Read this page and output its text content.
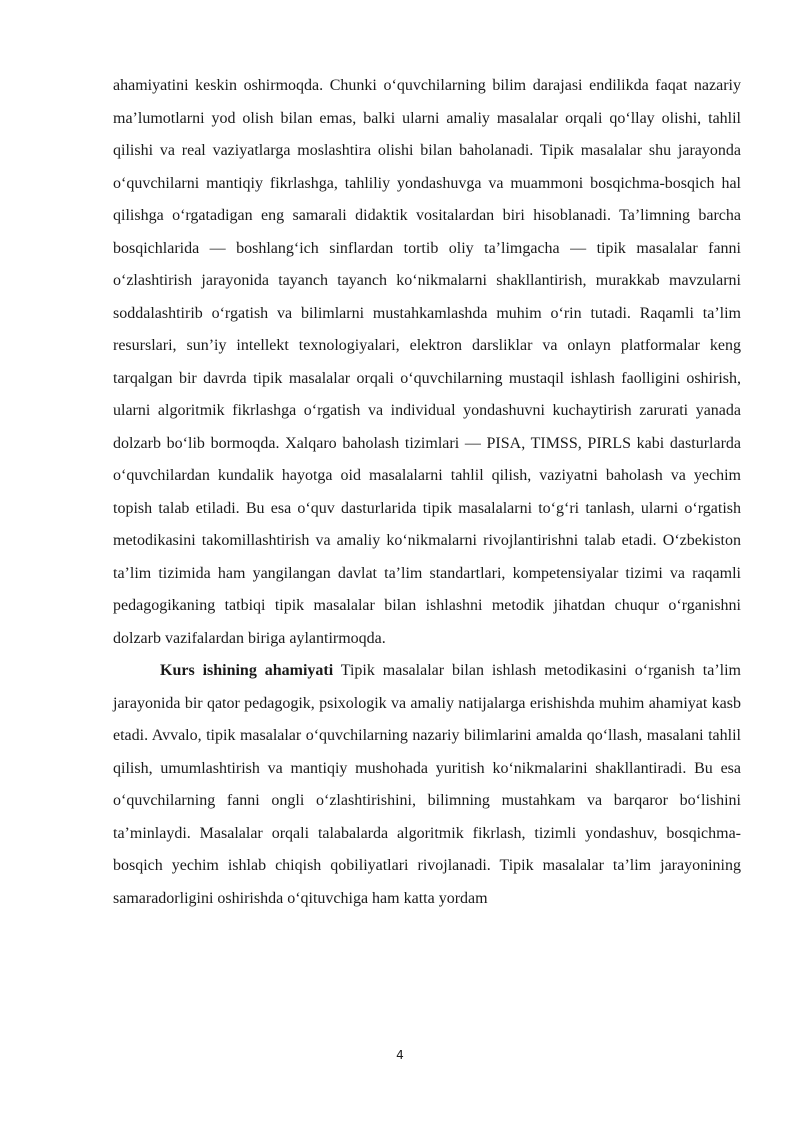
ahamiyatini keskin oshirmoqda. Chunki o‘quvchilarning bilim darajasi endilikda faqat nazariy ma’lumotlarni yod olish bilan emas, balki ularni amaliy masalalar orqali qo‘llay olishi, tahlil qilishi va real vaziyatlarga moslashtira olishi bilan baholanadi. Tipik masalalar shu jarayonda o‘quvchilarni mantiqiy fikrlashga, tahliliy yondashuvga va muammoni bosqichma-bosqich hal qilishga o‘rgatadigan eng samarali didaktik vositalardan biri hisoblanadi. Ta’limning barcha bosqichlarida — boshlang‘ich sinflardan tortib oliy ta’limgacha — tipik masalalar fanni o‘zlashtirish jarayonida tayanch tayanch ko‘nikmalarni shakllantirish, murakkab mavzularni soddalashtirib o‘rgatish va bilimlarni mustahkamlashda muhim o‘rin tutadi. Raqamli ta’lim resurslari, sun’iy intellekt texnologiyalari, elektron darsliklar va onlayn platformalar keng tarqalgan bir davrda tipik masalalar orqali o‘quvchilarning mustaqil ishlash faolligini oshirish, ularni algoritmik fikrlashga o‘rgatish va individual yondashuvni kuchaytirish zarurati yanada dolzarb bo‘lib bormoqda. Xalqaro baholash tizimlari — PISA, TIMSS, PIRLS kabi dasturlarda o‘quvchilardan kundalik hayotga oid masalalarni tahlil qilish, vaziyatni baholash va yechim topish talab etiladi. Bu esa o‘quv dasturlarida tipik masalalarni to‘g‘ri tanlash, ularni o‘rgatish metodikasini takomillashtirish va amaliy ko‘nikmalarni rivojlantirishni talab etadi. O‘zbekiston ta’lim tizimida ham yangilangan davlat ta’lim standartlari, kompetensiyalar tizimi va raqamli pedagogikaning tatbiqi tipik masalalar bilan ishlashni metodik jihatdan chuqur o‘rganishni dolzarb vazifalardan biriga aylantirmoqda.

Kurs ishining ahamiyati Tipik masalalar bilan ishlash metodikasini o‘rganish ta’lim jarayonida bir qator pedagogik, psixologik va amaliy natijalarga erishishda muhim ahamiyat kasb etadi. Avvalo, tipik masalalar o‘quvchilarning nazariy bilimlarini amalda qo‘llash, masalani tahlil qilish, umumlashtirish va mantiqiy mushohada yuritish ko‘nikmalarini shakllantiradi. Bu esa o‘quvchilarning fanni ongli o‘zlashtirishini, bilimning mustahkam va barqaror bo‘lishini ta’minlaydi. Masalalar orqali talabalarda algoritmik fikrlash, tizimli yondashuv, bosqichma-bosqich yechim ishlab chiqish qobiliyatlari rivojlanadi. Tipik masalalar ta’lim jarayonining samaradorligini oshirishda o‘qituvchiga ham katta yordam

4
